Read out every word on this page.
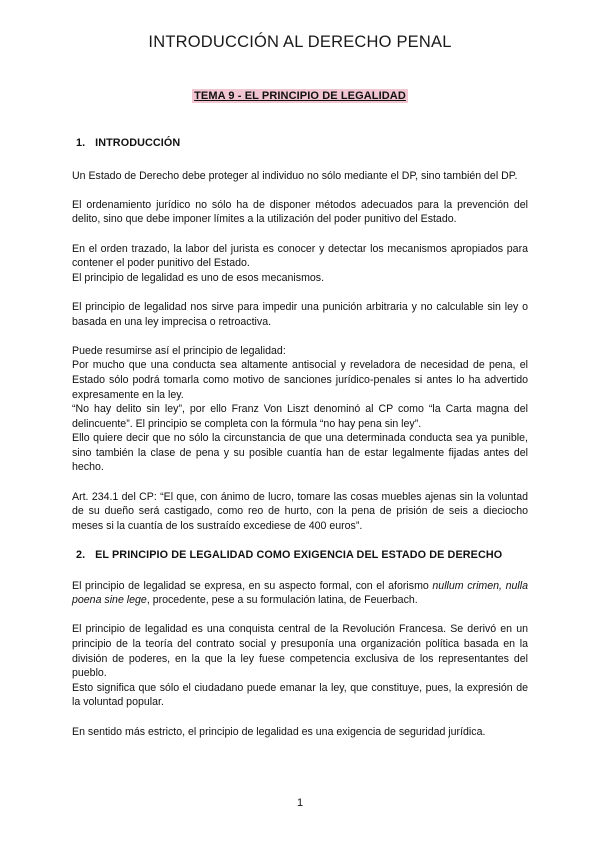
INTRODUCCIÓN AL DERECHO PENAL
TEMA 9 - EL PRINCIPIO DE LEGALIDAD
1. INTRODUCCIÓN
Un Estado de Derecho debe proteger al individuo no sólo mediante el DP, sino también del DP.
El ordenamiento jurídico no sólo ha de disponer métodos adecuados para la prevención del delito, sino que debe imponer límites a la utilización del poder punitivo del Estado.
En el orden trazado, la labor del jurista es conocer y detectar los mecanismos apropiados para contener el poder punitivo del Estado.
El principio de legalidad es uno de esos mecanismos.
El principio de legalidad nos sirve para impedir una punición arbitraria y no calculable sin ley o basada en una ley imprecisa o retroactiva.
Puede resumirse así el principio de legalidad:
Por mucho que una conducta sea altamente antisocial y reveladora de necesidad de pena, el Estado sólo podrá tomarla como motivo de sanciones jurídico-penales si antes lo ha advertido expresamente en la ley.
“No hay delito sin ley”, por ello Franz Von Liszt denominó al CP como “la Carta magna del delincuente”. El principio se completa con la fórmula “no hay pena sin ley”.
Ello quiere decir que no sólo la circunstancia de que una determinada conducta sea ya punible, sino también la clase de pena y su posible cuantía han de estar legalmente fijadas antes del hecho.
Art. 234.1 del CP: “El que, con ánimo de lucro, tomare las cosas muebles ajenas sin la voluntad de su dueño será castigado, como reo de hurto, con la pena de prisión de seis a dieciocho meses si la cuantía de los sustraído excediese de 400 euros”.
2. EL PRINCIPIO DE LEGALIDAD COMO EXIGENCIA DEL ESTADO DE DERECHO
El principio de legalidad se expresa, en su aspecto formal, con el aforismo nullum crimen, nulla poena sine lege, procedente, pese a su formulación latina, de Feuerbach.
El principio de legalidad es una conquista central de la Revolución Francesa. Se derivó en un principio de la teoría del contrato social y presuponía una organización política basada en la división de poderes, en la que la ley fuese competencia exclusiva de los representantes del pueblo.
Esto significa que sólo el ciudadano puede emanar la ley, que constituye, pues, la expresión de la voluntad popular.
En sentido más estricto, el principio de legalidad es una exigencia de seguridad jurídica.
1
